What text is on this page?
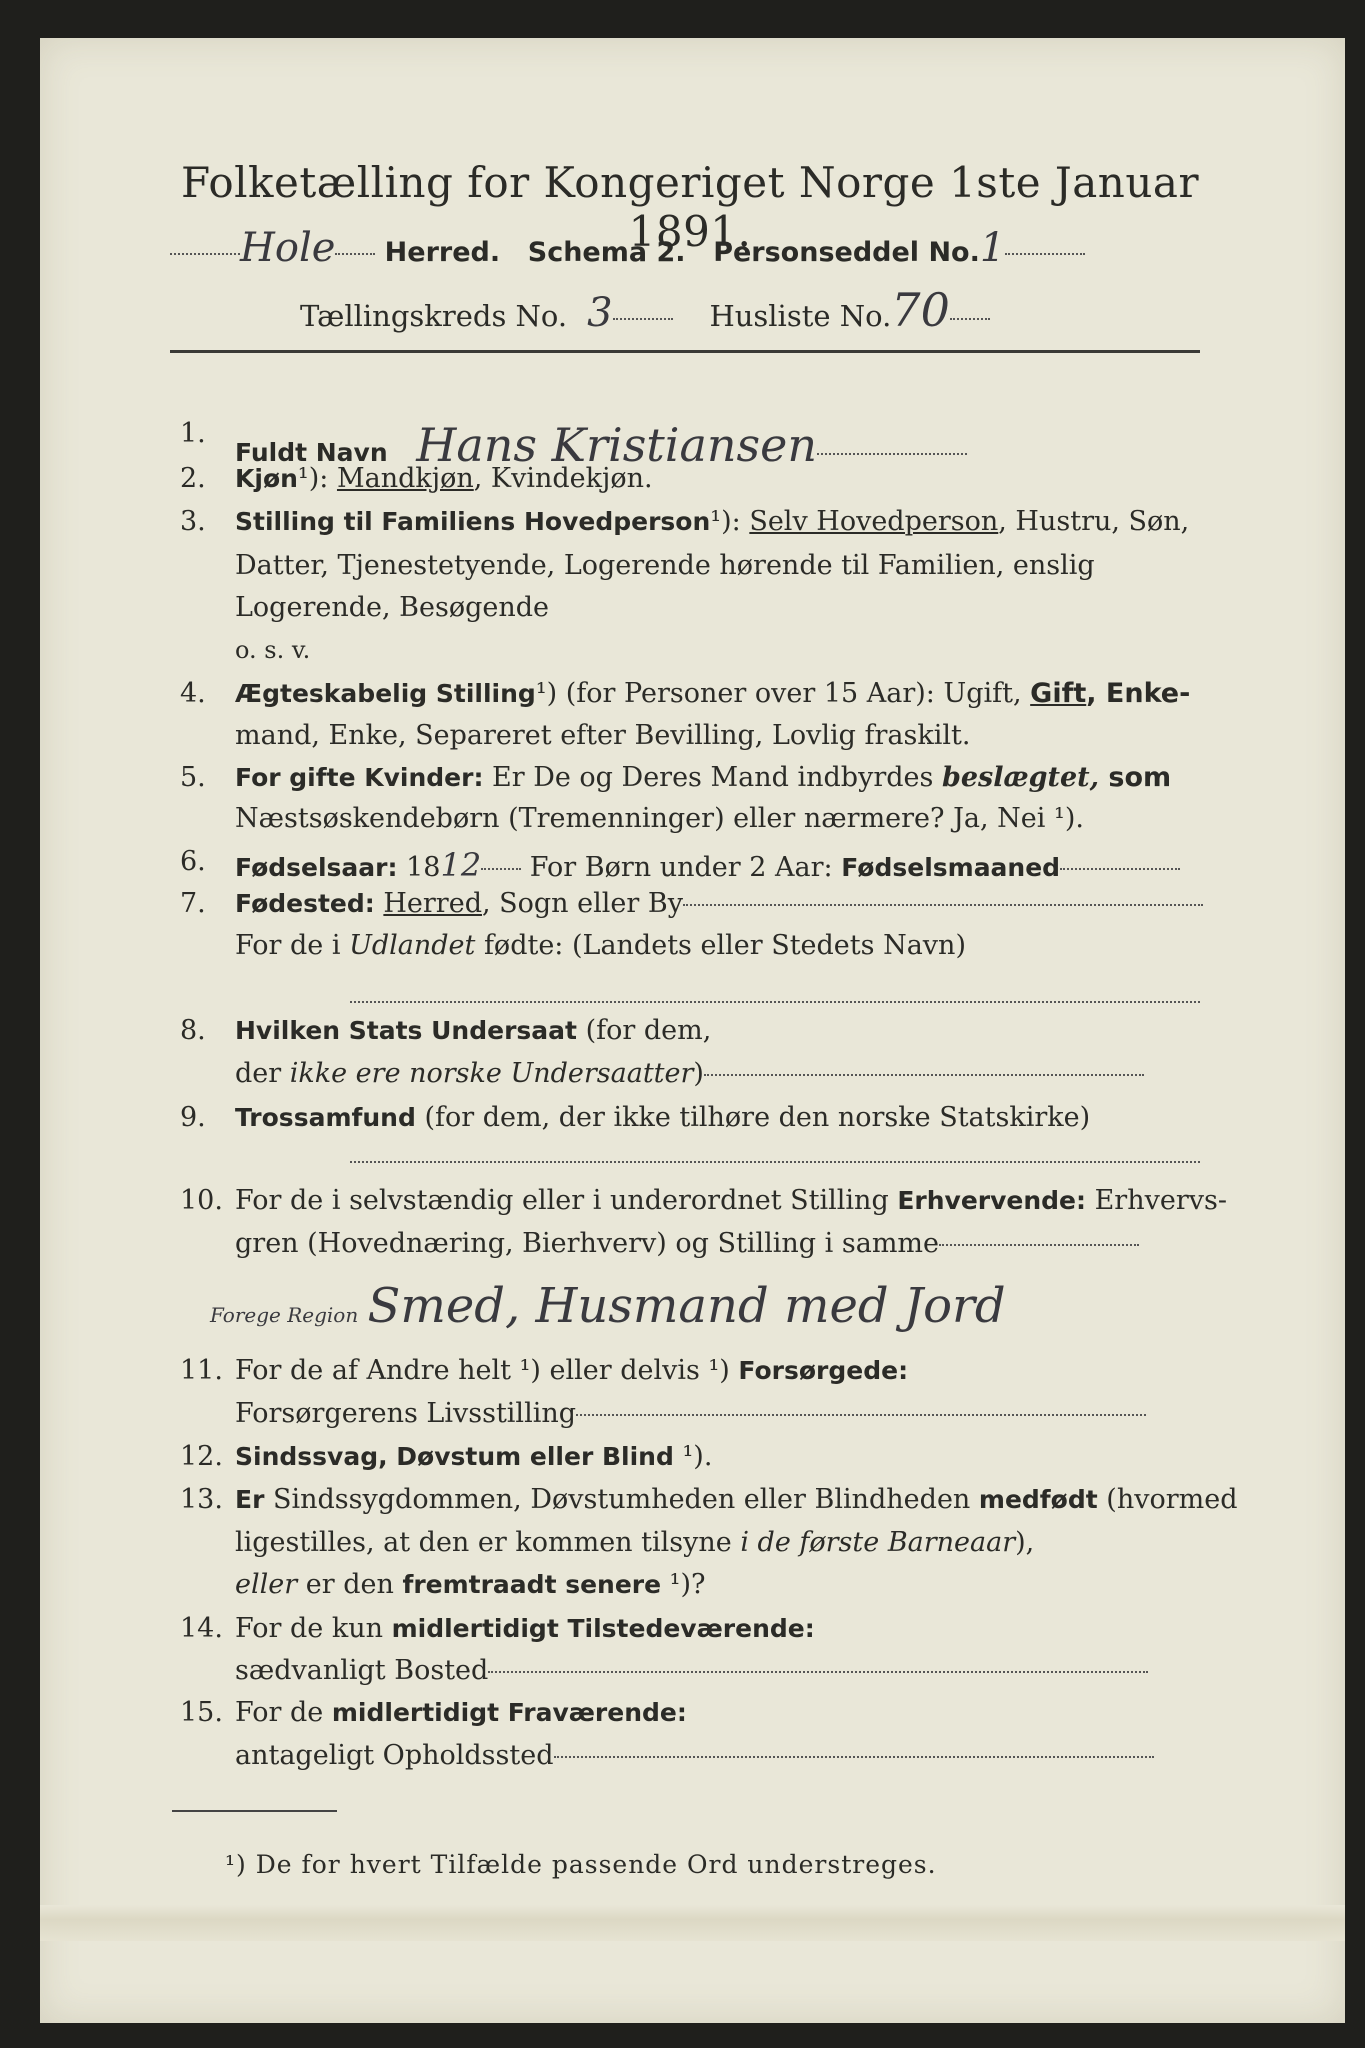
Folketælling for Kongeriget Norge 1ste Januar 1891.
Hole Herred. Schema 2. Personseddel No.1
Tællingskreds No. 3	Husliste No.70
1.
Fuldt Navn Hans Kristiansen
2. Kjøn¹): Mandkjøn, Kvindekjøn.
3. Stilling til Familiens Hovedperson¹): Selv Hovedperson, Hustru, Søn,
Datter, Tjenestetyende, Logerende hørende til Familien, enslig
Logerende, Besøgende
o. s. v.
4. Ægteskabelig Stilling¹) (for Personer over 15 Aar): Ugift, Gift, Enke-
mand, Enke, Separeret efter Bevilling, Lovlig fraskilt.
5. For gifte Kvinder: Er De og Deres Mand indbyrdes beslægtet, som
Næstsøskendebørn (Tremenninger) eller nærmere? Ja, Nei ¹).
6. Fødselsaar: 1812 For Børn under 2 Aar: Fødselsmaaned
7. Fødested: Herred, Sogn eller By
For de i Udlandet fødte: (Landets eller Stedets Navn)
8. Hvilken Stats Undersaat (for dem,
der ikke ere norske Undersaatter)
9. Trossamfund (for dem, der ikke tilhøre den norske Statskirke)
10. For de i selvstændig eller i underordnet Stilling Erhvervende: Erhvervs-
gren (Hovednæring, Bierhverv) og Stilling i samme
Forege Region Smed, Husmand med Jord
11. For de af Andre helt ¹) eller delvis ¹) Forsørgede:
Forsørgerens Livsstilling
12. Sindssvag, Døvstum eller Blind ¹).
13. Er Sindssygdommen, Døvstumheden eller Blindheden medfødt (hvormed
ligestilles, at den er kommen tilsyne i de første Barneaar),
eller er den fremtraadt senere ¹)?
14. For de kun midlertidigt Tilstedeværende:
sædvanligt Bosted
15. For de midlertidigt Fraværende:
antageligt Opholdssted
¹) De for hvert Tilfælde passende Ord understreges.
